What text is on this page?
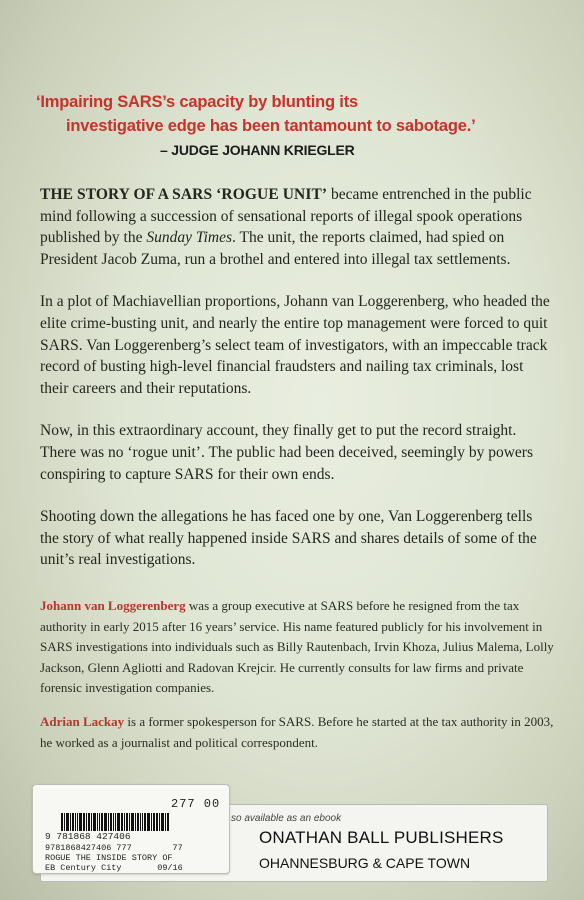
‘Impairing SARS’s capacity by blunting its
investigative edge has been tantamount to sabotage.’
– JUDGE JOHANN KRIEGLER

THE STORY OF A SARS ‘ROGUE UNIT’ became entrenched in the public mind following a succession of sensational reports of illegal spook operations published by the Sunday Times. The unit, the reports claimed, had spied on President Jacob Zuma, run a brothel and entered into illegal tax settlements.

In a plot of Machiavellian proportions, Johann van Loggerenberg, who headed the elite crime-busting unit, and nearly the entire top management were forced to quit SARS. Van Loggerenberg’s select team of investigators, with an impeccable track record of busting high-level financial fraudsters and nailing tax criminals, lost their careers and their reputations.

Now, in this extraordinary account, they finally get to put the record straight. There was no ‘rogue unit’. The public had been deceived, seemingly by powers conspiring to capture SARS for their own ends.

Shooting down the allegations he has faced one by one, Van Loggerenberg tells the story of what really happened inside SARS and shares details of some of the unit’s real investigations.

Johann van Loggerenberg was a group executive at SARS before he resigned from the tax authority in early 2015 after 16 years’ service. His name featured publicly for his involvement in SARS investigations into individuals such as Billy Rautenbach, Irvin Khoza, Julius Malema, Lolly Jackson, Glenn Agliotti and Radovan Krejcir. He currently consults for law firms and private forensic investigation companies.

Adrian Lackay is a former spokesperson for SARS. Before he started at the tax authority in 2003, he worked as a journalist and political correspondent.

so available as an ebook
ONATHAN BALL PUBLISHERS
OHANNESBURG & CAPE TOWN
277 00
9 781868 427406
9781868427406 777        77
ROGUE THE INSIDE STORY OF
EB Century City       09/16
